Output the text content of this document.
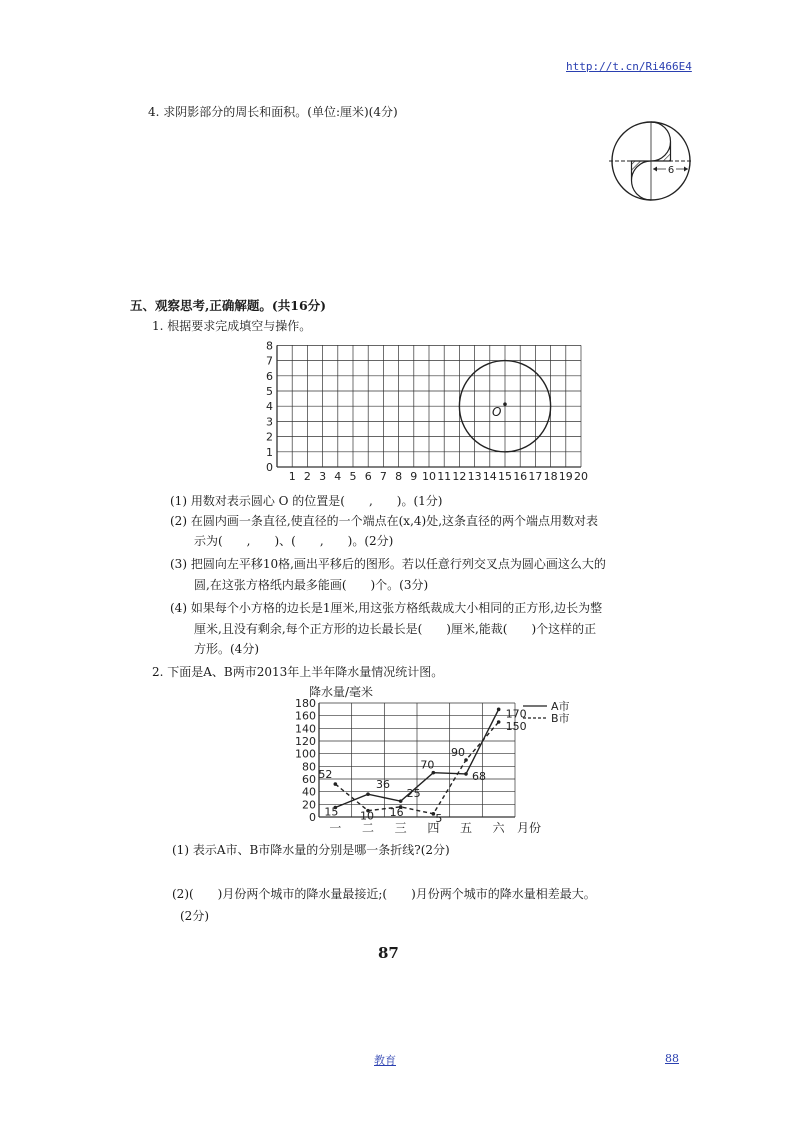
http://t.cn/Ri466E4
4. 求阴影部分的周长和面积。(单位:厘米)(4分)
6
五、观察思考,正确解题。(共16分)
1. 根据要求完成填空与操作。
0
1
2
3
4
5
6
7
8
1 2 3 4 5 6 7 8 9 10 11 12 13 14 15 16 17 18 19 20
O
(1) 用数对表示圆心 O 的位置是(　　,　　)。(1分)
(2) 在圆内画一条直径,使直径的一个端点在(x,4)处,这条直径的两个端点用数对表
示为(　　,　　)、(　　,　　)。(2分)
(3) 把圆向左平移10格,画出平移后的图形。若以任意行列交叉点为圆心画这么大的
圆,在这张方格纸内最多能画(　　)个。(3分)
(4) 如果每个小方格的边长是1厘米,用这张方格纸裁成大小相同的正方形,边长为整
厘米,且没有剩余,每个正方形的边长最长是(　　)厘米,能裁(　　)个这样的正
方形。(4分)
2. 下面是A、B两市2013年上半年降水量情况统计图。
降水量/毫米
0
20
40
60
80
100
120
140
160
180
一 二 三 四 五 六
52
36
25
70
90
170
150
68
15 10 16	5
A市
B市
月份
(1) 表示A市、B市降水量的分别是哪一条折线?(2分)
(2)(　　)月份两个城市的降水量最接近;(　　)月份两个城市的降水量相差最大。
(2分)
87
教育	88
